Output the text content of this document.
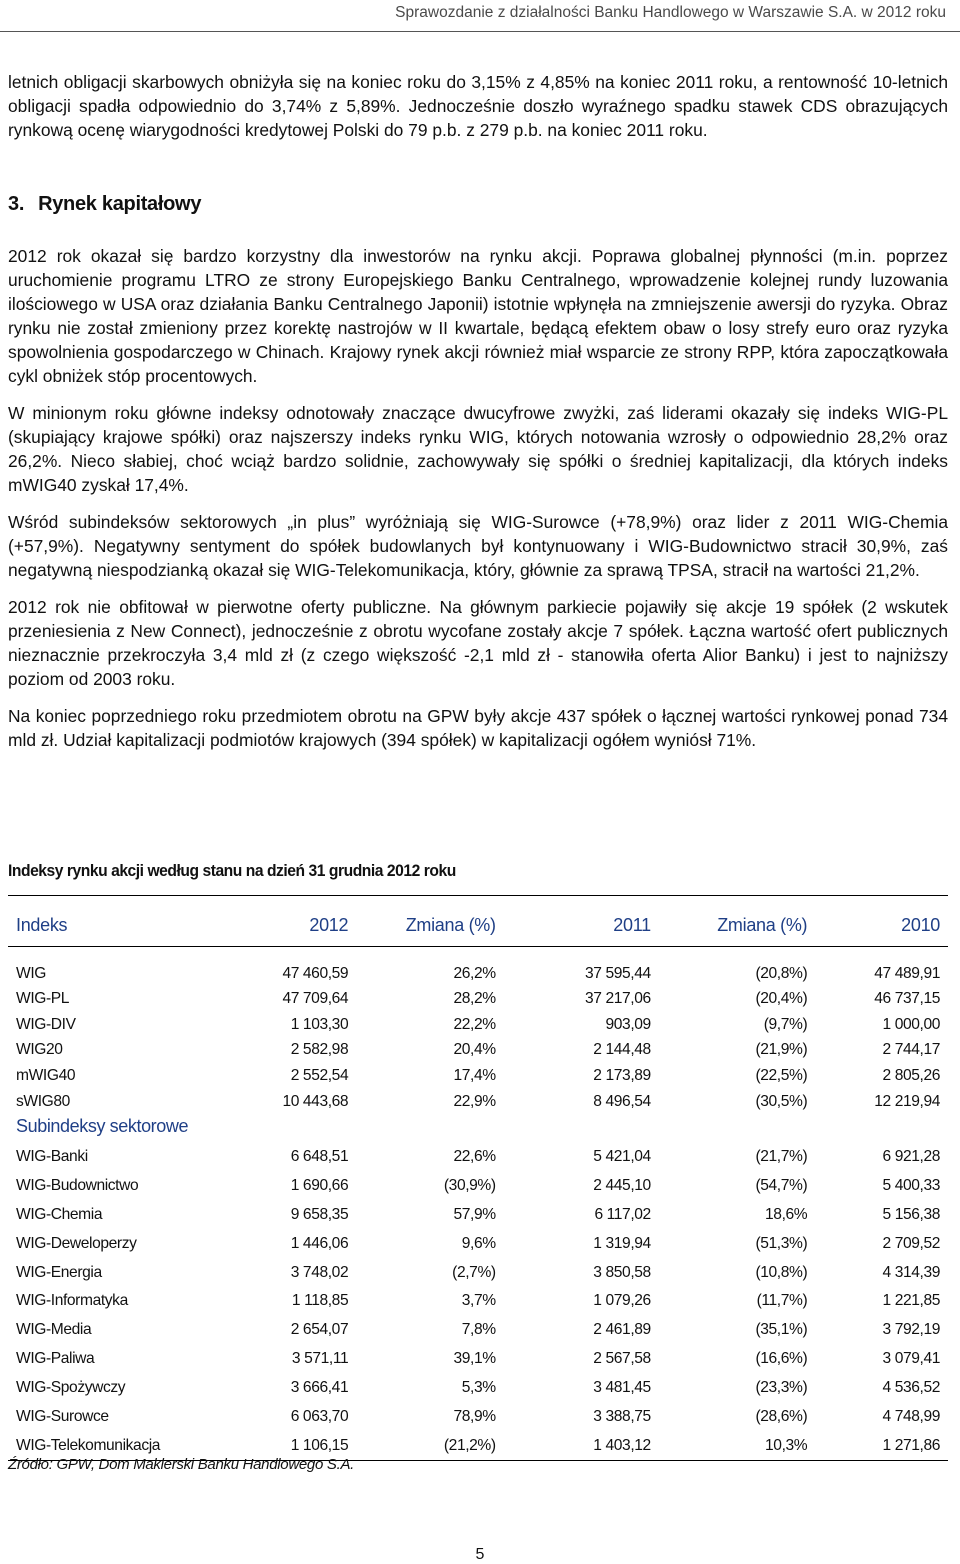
Sprawozdanie z działalności Banku Handlowego w Warszawie S.A. w 2012 roku

letnich obligacji skarbowych obniżyła się na koniec roku do 3,15% z 4,85% na koniec 2011 roku, a rentowność 10-letnich obligacji spadła odpowiednio do 3,74% z 5,89%. Jednocześnie doszło wyraźnego spadku stawek CDS obrazujących rynkową ocenę wiarygodności kredytowej Polski do 79 p.b. z 279 p.b. na koniec 2011 roku.

3. Rynek kapitałowy

2012 rok okazał się bardzo korzystny dla inwestorów na rynku akcji. Poprawa globalnej płynności (m.in. poprzez uruchomienie programu LTRO ze strony Europejskiego Banku Centralnego, wprowadzenie kolejnej rundy luzowania ilościowego w USA oraz działania Banku Centralnego Japonii) istotnie wpłynęła na zmniejszenie awersji do ryzyka. Obraz rynku nie został zmieniony przez korektę nastrojów w II kwartale, będącą efektem obaw o losy strefy euro oraz ryzyka spowolnienia gospodarczego w Chinach. Krajowy rynek akcji również miał wsparcie ze strony RPP, która zapoczątkowała cykl obniżek stóp procentowych.

W minionym roku główne indeksy odnotowały znaczące dwucyfrowe zwyżki, zaś liderami okazały się indeks WIG-PL (skupiający krajowe spółki) oraz najszerszy indeks rynku WIG, których notowania wzrosły o odpowiednio 28,2% oraz 26,2%. Nieco słabiej, choć wciąż bardzo solidnie, zachowywały się spółki o średniej kapitalizacji, dla których indeks mWIG40 zyskał 17,4%.

Wśród subindeksów sektorowych „in plus” wyróżniają się WIG-Surowce (+78,9%) oraz lider z 2011 WIG-Chemia (+57,9%). Negatywny sentyment do spółek budowlanych był kontynuowany i WIG-Budownictwo stracił 30,9%, zaś negatywną niespodzianką okazał się WIG-Telekomunikacja, który, głównie za sprawą TPSA, stracił na wartości 21,2%.

2012 rok nie obfitował w pierwotne oferty publiczne. Na głównym parkiecie pojawiły się akcje 19 spółek (2 wskutek przeniesienia z New Connect), jednocześnie z obrotu wycofane zostały akcje 7 spółek. Łączna wartość ofert publicznych nieznacznie przekroczyła 3,4 mld zł (z czego większość -2,1 mld zł - stanowiła oferta Alior Banku) i jest to najniższy poziom od 2003 roku.

Na koniec poprzedniego roku przedmiotem obrotu na GPW były akcje 437 spółek o łącznej wartości rynkowej ponad 734 mld zł. Udział kapitalizacji podmiotów krajowych (394 spółek) w kapitalizacji ogółem wyniósł 71%.

Indeksy rynku akcji według stanu na dzień 31 grudnia 2012 roku
Indeks	2012	Zmiana (%)	2011	Zmiana (%)	2010
WIG	47 460,59	26,2%	37 595,44	(20,8%)	47 489,91
WIG-PL	47 709,64	28,2%	37 217,06	(20,4%)	46 737,15
WIG-DIV	1 103,30	22,2%	903,09	(9,7%)	1 000,00
WIG20	2 582,98	20,4%	2 144,48	(21,9%)	2 744,17
mWIG40	2 552,54	17,4%	2 173,89	(22,5%)	2 805,26
sWIG80	10 443,68	22,9%	8 496,54	(30,5%)	12 219,94
Subindeksy sektorowe					
WIG-Banki	6 648,51	22,6%	5 421,04	(21,7%)	6 921,28
WIG-Budownictwo	1 690,66	(30,9%)	2 445,10	(54,7%)	5 400,33
WIG-Chemia	9 658,35	57,9%	6 117,02	18,6%	5 156,38
WIG-Deweloperzy	1 446,06	9,6%	1 319,94	(51,3%)	2 709,52
WIG-Energia	3 748,02	(2,7%)	3 850,58	(10,8%)	4 314,39
WIG-Informatyka	1 118,85	3,7%	1 079,26	(11,7%)	1 221,85
WIG-Media	2 654,07	7,8%	2 461,89	(35,1%)	3 792,19
WIG-Paliwa	3 571,11	39,1%	2 567,58	(16,6%)	3 079,41
WIG-Spożywczy	3 666,41	5,3%	3 481,45	(23,3%)	4 536,52
WIG-Surowce	6 063,70	78,9%	3 388,75	(28,6%)	4 748,99
WIG-Telekomunikacja	1 106,15	(21,2%)	1 403,12	10,3%	1 271,86
Źródło: GPW, Dom Maklerski Banku Handlowego S.A.
5
